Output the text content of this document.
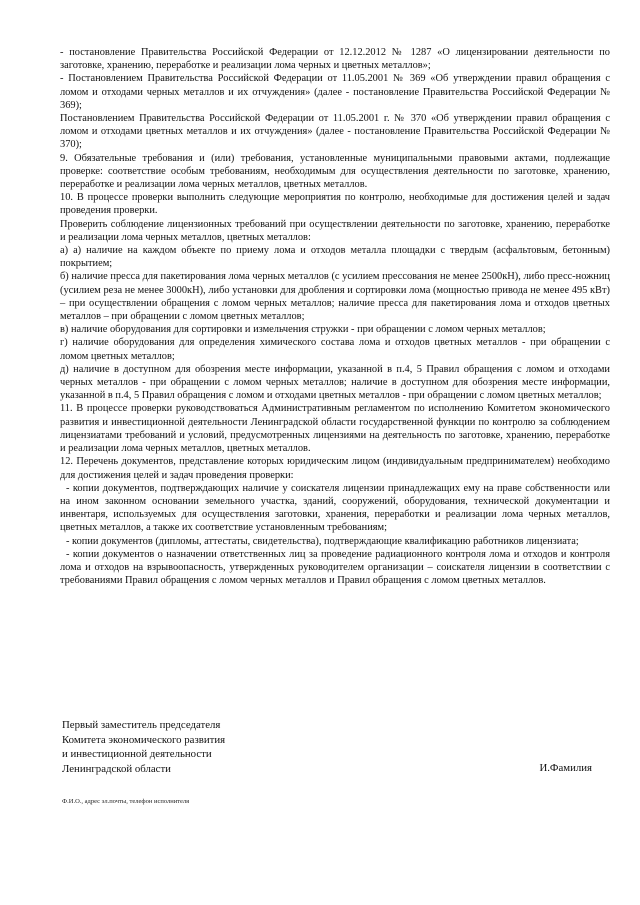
- постановление Правительства Российской Федерации от 12.12.2012 № 1287 «О лицензировании деятельности по заготовке, хранению, переработке и реализации лома черных и цветных металлов»;

- Постановлением Правительства Российской Федерации от 11.05.2001 № 369 «Об утверждении правил обращения с ломом и отходами черных металлов и их отчуждения» (далее - постановление Правительства Российской Федерации № 369);

Постановлением Правительства Российской Федерации от 11.05.2001 г. № 370 «Об утверждении правил обращения с ломом и отходами цветных металлов и их отчуждения» (далее - постановление Правительства Российской Федерации № 370);

9. Обязательные требования и (или) требования, установленные муниципальными правовыми актами, подлежащие проверке: соответствие особым требованиям, необходимым для осуществления деятельности по заготовке, хранению, переработке и реализации лома черных металлов, цветных металлов.

10. В процессе проверки выполнить следующие мероприятия по контролю, необходимые для достижения целей и задач проведения проверки.

Проверить соблюдение лицензионных требований при осуществлении деятельности по заготовке, хранению, переработке и реализации лома черных металлов, цветных металлов:

а) а) наличие на каждом объекте по приему лома и отходов металла площадки с твердым (асфальтовым, бетонным) покрытием;

б) наличие пресса для пакетирования лома черных металлов (с усилием прессования не менее 2500кН), либо пресс-ножниц (усилием реза не менее 3000кН), либо установки для дробления и сортировки лома (мощностью привода не менее 495 кВт) – при осуществлении обращения с ломом черных металлов; наличие пресса для пакетирования лома и отходов цветных металлов – при обращении с ломом цветных металлов;

в) наличие оборудования для сортировки и измельчения стружки - при обращении с ломом черных металлов;

г) наличие оборудования для определения химического состава лома и отходов цветных металлов - при обращении с ломом цветных металлов;

д) наличие в доступном для обозрения месте информации, указанной в п.4, 5 Правил обращения с ломом и отходами черных металлов - при обращении с ломом черных металлов; наличие в доступном для обозрения месте информации, указанной в п.4, 5 Правил обращения с ломом и отходами цветных металлов - при обращении с ломом цветных металлов;

11. В процессе проверки руководствоваться Административным регламентом по исполнению Комитетом экономического развития и инвестиционной деятельности Ленинградской области государственной функции по контролю за соблюдением лицензиатами требований и условий, предусмотренных лицензиями на деятельность по заготовке, хранению, переработке и реализации лома черных металлов, цветных металлов.

12. Перечень документов, представление которых юридическим лицом (индивидуальным предпринимателем) необходимо для достижения целей и задач проведения проверки:

- копии документов, подтверждающих наличие у соискателя лицензии принадлежащих ему на праве собственности или на ином законном основании земельного участка, зданий, сооружений, оборудования, технической документации и инвентаря, используемых для осуществления заготовки, хранения, переработки и реализации лома черных металлов, цветных металлов, а также их соответствие установленным требованиям;

- копии документов (дипломы, аттестаты, свидетельства), подтверждающие квалификацию работников лицензиата;

- копии документов о назначении ответственных лиц за проведение радиационного контроля лома и отходов и контроля лома и отходов на взрывоопасность, утвержденных руководителем организации – соискателя лицензии в соответствии с требованиями Правил обращения с ломом черных металлов и Правил обращения с ломом цветных металлов.

Первый заместитель председателя
Комитета экономического развития
и инвестиционной деятельности
Ленинградской области	И.Фамилия
Ф.И.О., адрес эл.почты, телефон исполнителя
